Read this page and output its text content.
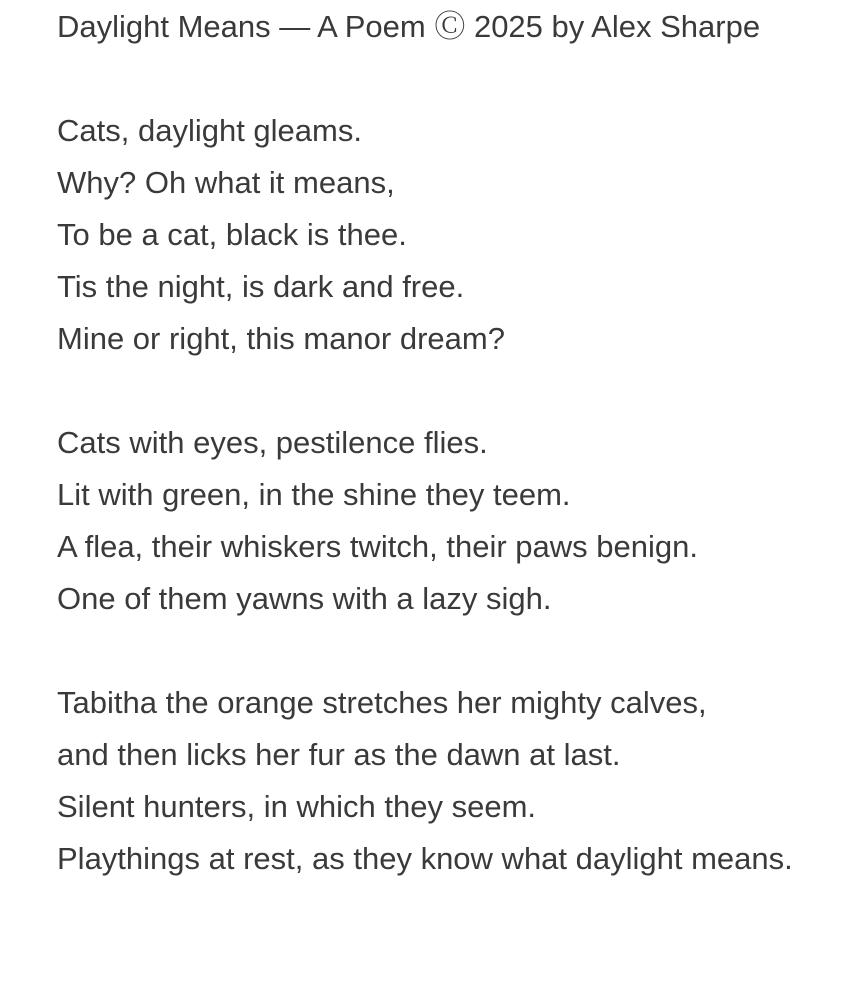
Daylight Means — A Poem Ⓒ 2025 by Alex Sharpe
Cats, daylight gleams.
Why? Oh what it means,
To be a cat, black is thee.
Tis the night, is dark and free.
Mine or right, this manor dream?
Cats with eyes, pestilence flies.
Lit with green, in the shine they teem.
A flea, their whiskers twitch, their paws benign.
One of them yawns with a lazy sigh.
Tabitha the orange stretches her mighty calves,
and then licks her fur as the dawn at last.
Silent hunters, in which they seem.
Playthings at rest, as they know what daylight means.
